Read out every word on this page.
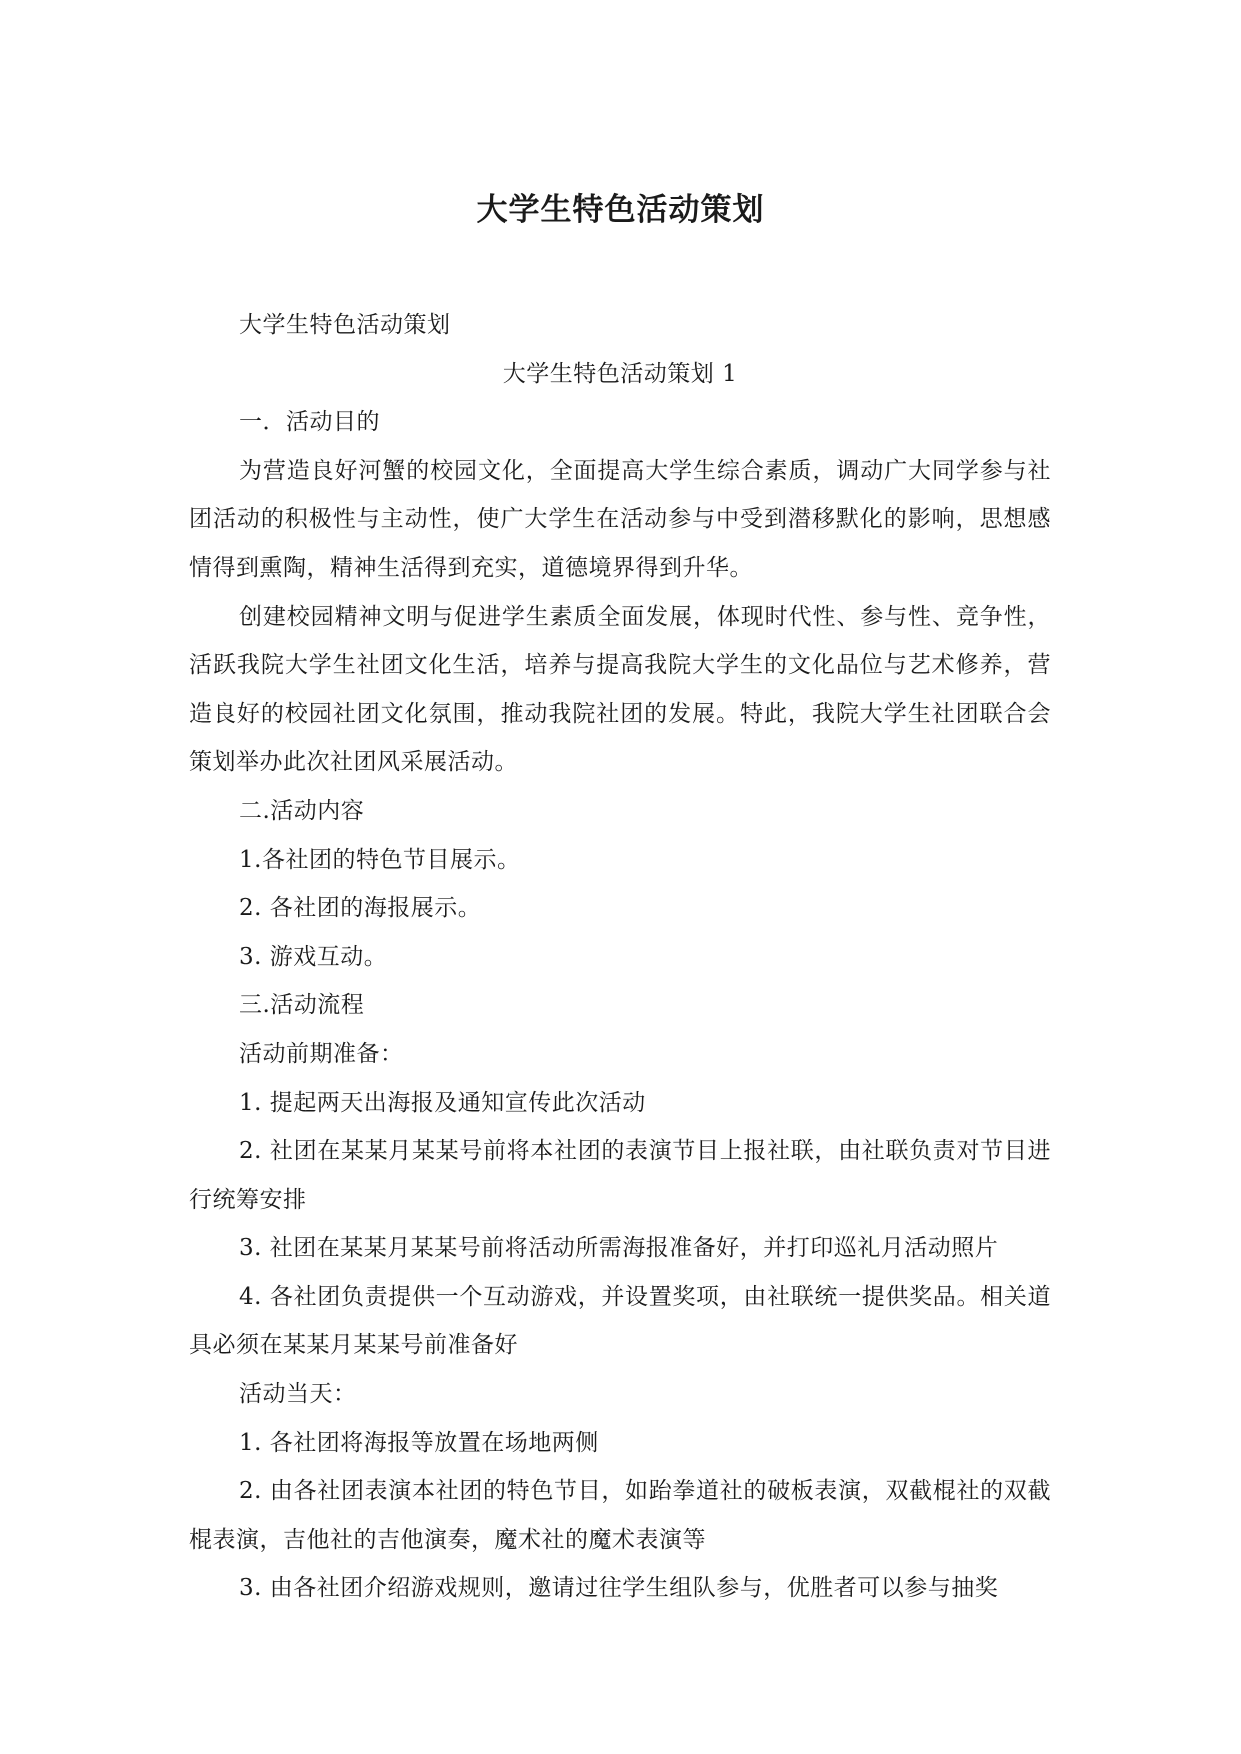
大学生特色活动策划

大学生特色活动策划

大学生特色活动策划 1

一．活动目的

为营造良好河蟹的校园文化，全面提高大学生综合素质，调动广大同学参与社团活动的积极性与主动性，使广大学生在活动参与中受到潜移默化的影响，思想感情得到熏陶，精神生活得到充实，道德境界得到升华。

创建校园精神文明与促进学生素质全面发展，体现时代性、参与性、竞争性，活跃我院大学生社团文化生活，培养与提高我院大学生的文化品位与艺术修养，营造良好的校园社团文化氛围，推动我院社团的发展。特此，我院大学生社团联合会策划举办此次社团风采展活动。

二.活动内容

1.各社团的特色节目展示。

2. 各社团的海报展示。

3. 游戏互动。

三.活动流程

活动前期准备：

1. 提起两天出海报及通知宣传此次活动

2. 社团在某某月某某号前将本社团的表演节目上报社联，由社联负责对节目进行统筹安排

3. 社团在某某月某某号前将活动所需海报准备好，并打印巡礼月活动照片

4. 各社团负责提供一个互动游戏，并设置奖项，由社联统一提供奖品。相关道具必须在某某月某某号前准备好

活动当天：

1. 各社团将海报等放置在场地两侧

2. 由各社团表演本社团的特色节目，如跆拳道社的破板表演，双截棍社的双截棍表演，吉他社的吉他演奏，魔术社的魔术表演等

3. 由各社团介绍游戏规则，邀请过往学生组队参与，优胜者可以参与抽奖
